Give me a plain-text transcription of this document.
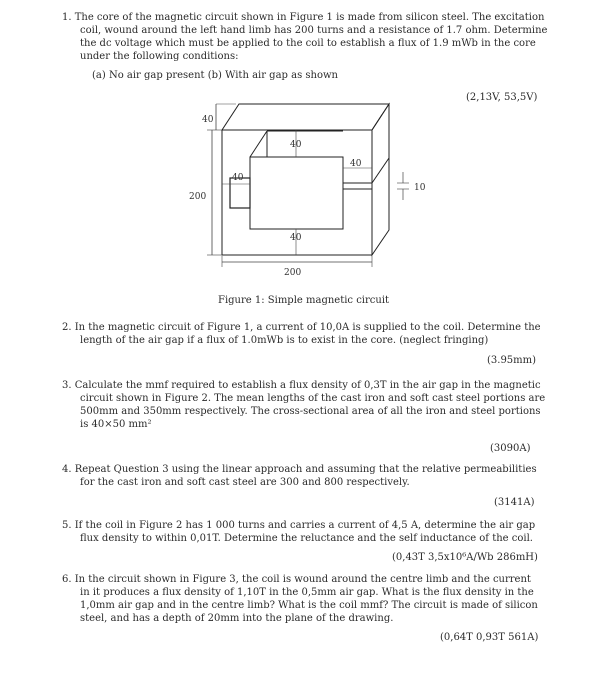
1. The core of the magnetic circuit shown in Figure 1 is made from silicon steel. The excitation
coil, wound around the left hand limb has 200 turns and a resistance of 1.7 ohm. Determine
the dc voltage which must be applied to the coil to establish a flux of 1.9 mWb in the core
under the following conditions:
(a) No air gap present (b) With air gap as shown
(2,13V, 53,5V)
40
200
40
40
40
40
200
10
Figure 1: Simple magnetic circuit
2. In the magnetic circuit of Figure 1, a current of 10,0A is supplied to the coil. Determine the
length of the air gap if a flux of 1.0mWb is to exist in the core. (neglect fringing)
(3.95mm)
3. Calculate the mmf required to establish a flux density of 0,3T in the air gap in the magnetic
circuit shown in Figure 2. The mean lengths of the cast iron and soft cast steel portions are
500mm and 350mm respectively. The cross-sectional area of all the iron and steel portions
is 40×50 mm²
(3090A)
4. Repeat Question 3 using the linear approach and assuming that the relative permeabilities
for the cast iron and soft cast steel are 300 and 800 respectively.
(3141A)
5. If the coil in Figure 2 has 1 000 turns and carries a current of 4,5 A, determine the air gap
flux density to within 0,01T. Determine the reluctance and the self inductance of the coil.
(0,43T 3,5x10⁶A/Wb 286mH)
6. In the circuit shown in Figure 3, the coil is wound around the centre limb and the current
in it produces a flux density of 1,10T in the 0,5mm air gap. What is the flux density in the
1,0mm air gap and in the centre limb? What is the coil mmf? The circuit is made of silicon
steel, and has a depth of 20mm into the plane of the drawing.
(0,64T 0,93T 561A)
